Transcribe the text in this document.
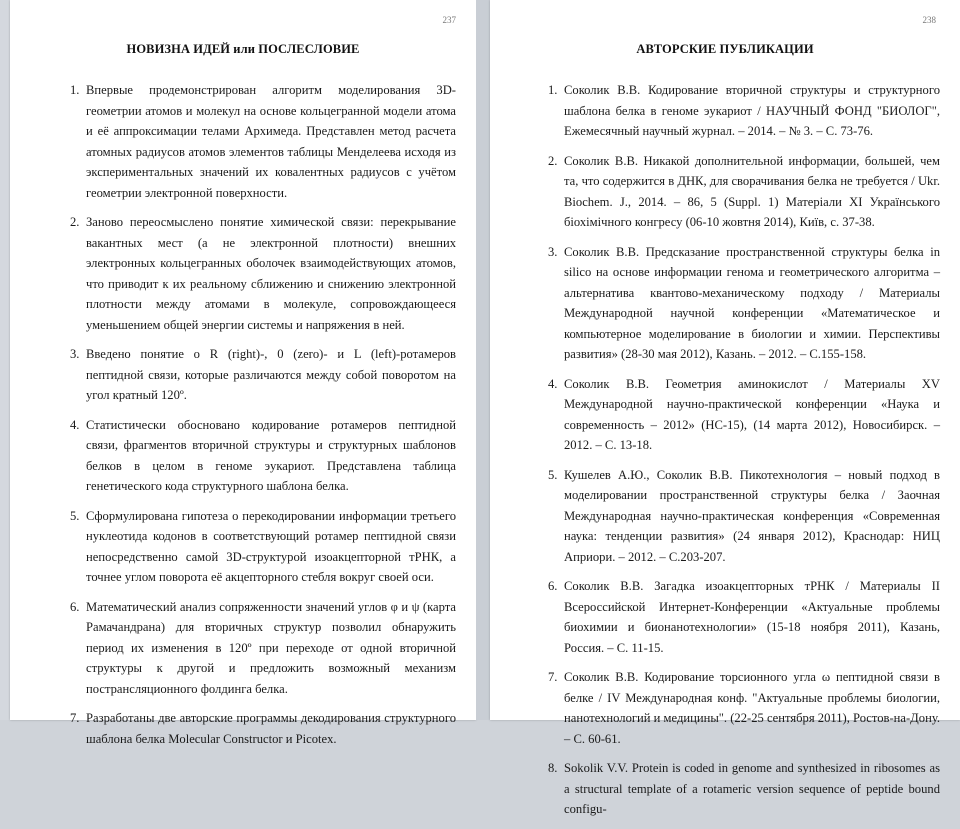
237
НОВИЗНА ИДЕЙ или ПОСЛЕСЛОВИЕ
1. Впервые продемонстрирован алгоритм моделирования 3D-геометрии атомов и молекул на основе кольцегранной модели атома и её аппроксимации телами Архимеда. Представлен метод расчета атомных радиусов атомов элементов таблицы Менделеева исходя из экспериментальных значений их ковалентных радиусов с учётом геометрии электронной поверхности.
2. Заново переосмыслено понятие химической связи: перекрывание вакантных мест (а не электронной плотности) внешних электронных кольцегранных оболочек взаимодействующих атомов, что приводит к их реальному сближению и снижению электронной плотности между атомами в молекуле, сопровождающееся уменьшением общей энергии системы и напряжения в ней.
3. Введено понятие о R (right)-, 0 (zero)- и L (left)-ротамеров пептидной связи, которые различаются между собой поворотом на угол кратный 120º.
4. Статистически обосновано кодирование ротамеров пептидной связи, фрагментов вторичной структуры и структурных шаблонов белков в целом в геноме эукариот. Представлена таблица генетического кода структурного шаблона белка.
5. Сформулирована гипотеза о перекодировании информации третьего нуклеотида кодонов в соответствующий ротамер пептидной связи непосредственно самой 3D-структурой изоакцепторной тРНК, а точнее углом поворота её акцепторного стебля вокруг своей оси.
6. Математический анализ сопряженности значений углов φ и ψ (карта Рамачандрана) для вторичных структур позволил обнаружить период их изменения в 120º при переходе от одной вторичной структуры к другой и предложить возможный механизм пострансляционного фолдинга белка.
7. Разработаны две авторские программы декодирования структурного шаблона белка Molecular Constructor и Picotex.
238
АВТОРСКИЕ ПУБЛИКАЦИИ
1. Соколик В.В. Кодирование вторичной структуры и структурного шаблона белка в геноме эукариот / НАУЧНЫЙ ФОНД "БИОЛОГ", Ежемесячный научный журнал. – 2014. – № 3. – С. 73-76.
2. Соколик В.В. Никакой дополнительной информации, большей, чем та, что содержится в ДНК, для сворачивания белка не требуется / Ukr. Biochem. J., 2014. – 86, 5 (Suppl. 1) Матеріали XI Українського біохімічного конгресу (06-10 жовтня 2014), Київ, с. 37-38.
3. Соколик В.В. Предсказание пространственной структуры белка in silico на основе информации генома и геометрического алгоритма – альтернатива квантово-механическому подходу / Материалы Международной научной конференции «Математическое и компьютерное моделирование в биологии и химии. Перспективы развития» (28-30 мая 2012), Казань. – 2012. – С.155-158.
4. Соколик В.В. Геометрия аминокислот / Материалы XV Международной научно-практической конференции «Наука и современность – 2012» (НС-15), (14 марта 2012), Новосибирск. – 2012. – С. 13-18.
5. Кушелев А.Ю., Соколик В.В. Пикотехнология – новый подход в моделировании пространственной структуры белка / Заочная Международная научно-практическая конференция «Современная наука: тенденции развития» (24 января 2012), Краснодар: НИЦ Априори. – 2012. – С.203-207.
6. Соколик В.В. Загадка изоакцепторных тРНК / Материалы II Всероссийской Интернет-Конференции «Актуальные проблемы биохимии и бионанотехнологии» (15-18 ноября 2011), Казань, Россия. – С. 11-15.
7. Соколик В.В. Кодирование торсионного угла ω пептидной связи в белке / IV Международная конф. "Актуальные проблемы биологии, нанотехнологий и медицины". (22-25 сентября 2011), Ростов-на-Дону. – С. 60-61.
8. Sokolik V.V. Protein is coded in genome and synthesized in ribosomes as a structural template of a rotameric version sequence of peptide bound configu-
